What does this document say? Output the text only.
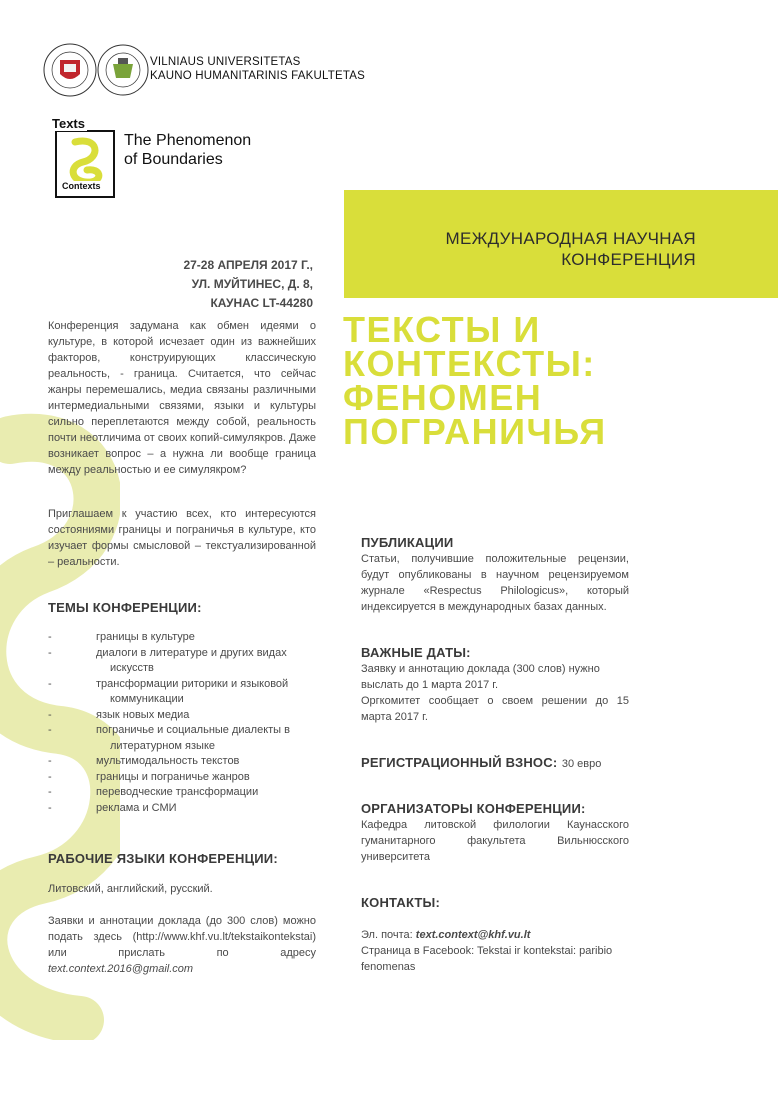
VILNIAUS UNIVERSITETAS
KAUNO HUMANITARINIS FAKULTETAS
Texts
Contexts
The Phenomenon
of Boundaries
МЕЖДУНАРОДНАЯ НАУЧНАЯ
КОНФЕРЕНЦИЯ
ТЕКСТЫ И
КОНТЕКСТЫ:
ФЕНОМЕН
ПОГРАНИЧЬЯ
27-28 АПРЕЛЯ 2017 Г.,
УЛ. МУЙТИНЕС, Д. 8,
КАУНАС LT-44280
Конференция задумана как обмен идеями о культуре, в которой исчезает один из важнейших факторов, конструирующих классическую реальность, - граница. Считается, что сейчас жанры перемешались, медиа связаны различными интермедиальными связями, языки и культуры сильно переплетаются между собой, реальность почти неотличима от своих копий-симулякров. Даже возникает вопрос – а нужна ли вообще граница между реальностью и ее симулякром?
Приглашаем к участию всех, кто интересуются состояниями границы и пограничья в культуре, кто изучает формы смысловой – текстуализированной – реальности.
ТЕМЫ КОНФЕРЕНЦИИ:
-	границы в культуре
-	диалоги в литературе и других видах
искусств
-	трансформации риторики и языковой
коммуникации
-	язык новых медиа
-	пограничье и социальные диалекты в
литературном языке
-	мультимодальность текстов
-	границы и пограничье жанров
-	переводческие трансформации
-	реклама и СМИ
РАБОЧИЕ ЯЗЫКИ КОНФЕРЕНЦИИ:
Литовский, английский, русский.
Заявки и аннотации доклада (до 300 слов) можно подать здесь (http://www.khf.vu.lt/tekstaikontekstai) или прислать по адресу text.context.2016@gmail.com
ПУБЛИКАЦИИ
Статьи, получившие положительные рецензии, будут опубликованы в научном рецензируемом журнале «Respectus Philologicus», который индексируется в международных базах данных.
ВАЖНЫЕ ДАТЫ:
Заявку и аннотацию доклада (300 слов) нужно выслать до 1 марта 2017 г.
Оргкомитет сообщает о своем решении до 15 марта 2017 г.
РЕГИСТРАЦИОННЫЙ ВЗНОС: 30 евро
ОРГАНИЗАТОРЫ КОНФЕРЕНЦИИ:
Кафедра литовской филологии Каунасского гуманитарного факультета Вильнюсского университета
КОНТАКТЫ:
Эл. почта: text.context@khf.vu.lt
Страница в Facebook: Tekstai ir kontekstai: paribio fenomenas
